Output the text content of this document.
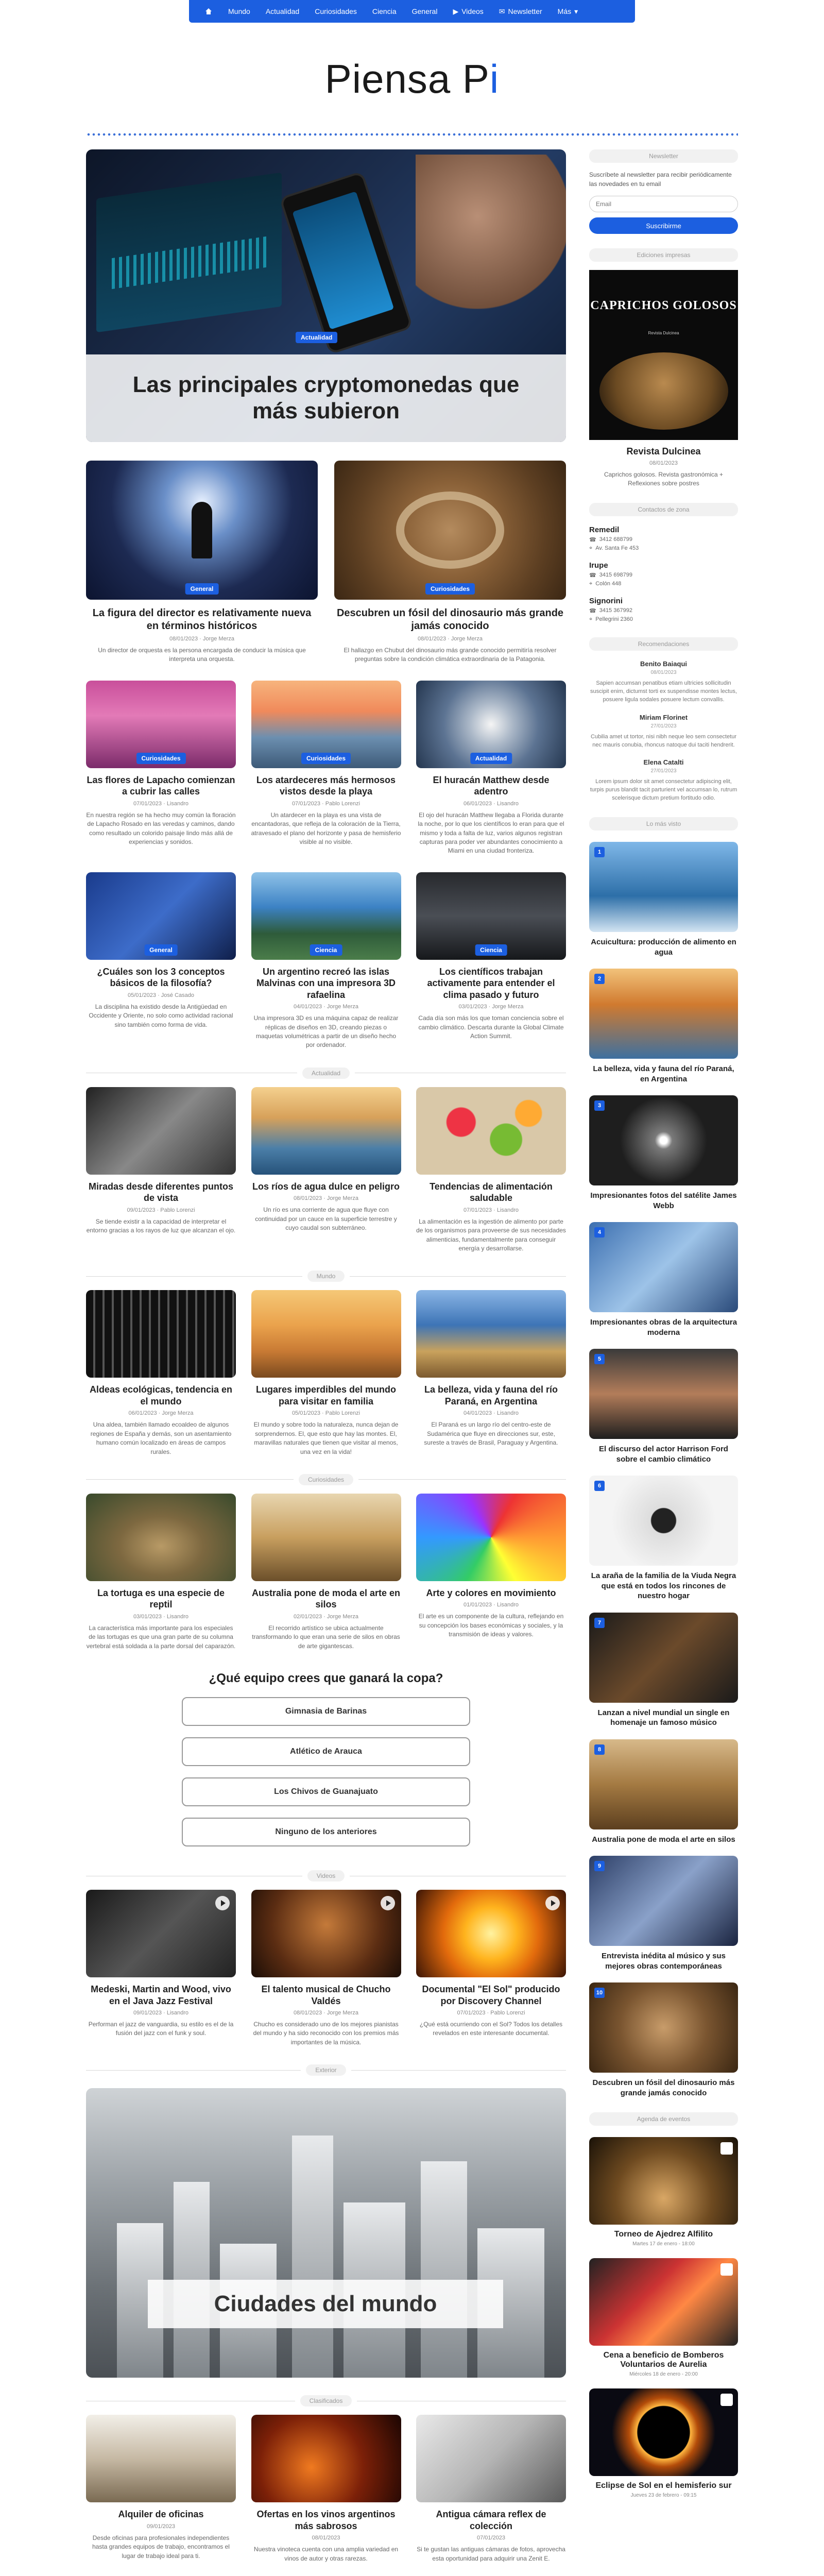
Mundo	Actualidad	Curiosidades	Ciencia	General	▶ Videos ✉ Newsletter Más ▾
Piensa Pi
Actualidad
Las principales cryptomonedas que más subieron
General
La figura del director es relativamente nueva en términos históricos
08/01/2023 · Jorge Merza

Un director de orquesta es la persona encargada de conducir la música que interpreta una orquesta.

Curiosidades
Descubren un fósil del dinosaurio más grande jamás conocido
08/01/2023 · Jorge Merza

El hallazgo en Chubut del dinosaurio más grande conocido permitiría resolver preguntas sobre la condición climática extraordinaria de la Patagonia.

Curiosidades
Las flores de Lapacho comienzan a cubrir las calles
07/01/2023 · Lisandro

En nuestra región se ha hecho muy común la floración de Lapacho Rosado en las veredas y caminos, dando como resultado un colorido paisaje lindo más allá de experiencias y sonidos.

Curiosidades
Los atardeceres más hermosos vistos desde la playa
07/01/2023 · Pablo Lorenzi

Un atardecer en la playa es una vista de encantadoras, que refleja de la coloración de la Tierra, atravesado el plano del horizonte y pasa de hemisferio visible al no visible.

Actualidad
El huracán Matthew desde adentro
06/01/2023 · Lisandro

El ojo del huracán Matthew llegaba a Florida durante la noche, por lo que los científicos lo eran para que el mismo y toda a falta de luz, varios algunos registran capturas para poder ver abundantes conocimiento a Miami en una ciudad fronteriza.

General
¿Cuáles son los 3 conceptos básicos de la filosofía?
05/01/2023 · José Casado

La disciplina ha existido desde la Antigüedad en Occidente y Oriente, no solo como actividad racional sino también como forma de vida.

Ciencia
Un argentino recreó las islas Malvinas con una impresora 3D rafaelina
04/01/2023 · Jorge Merza

Una impresora 3D es una máquina capaz de realizar réplicas de diseños en 3D, creando piezas o maquetas volumétricas a partir de un diseño hecho por ordenador.

Ciencia
Los científicos trabajan activamente para entender el clima pasado y futuro
03/01/2023 · Jorge Merza

Cada día son más los que toman conciencia sobre el cambio climático. Descarta durante la Global Climate Action Summit.

Actualidad
Miradas desde diferentes puntos de vista
09/01/2023 · Pablo Lorenzi

Se tiende existir a la capacidad de interpretar el entorno gracias a los rayos de luz que alcanzan el ojo.

Los ríos de agua dulce en peligro
08/01/2023 · Jorge Merza

Un río es una corriente de agua que fluye con continuidad por un cauce en la superficie terrestre y cuyo caudal son subterráneo.

Tendencias de alimentación saludable
07/01/2023 · Lisandro

La alimentación es la ingestión de alimento por parte de los organismos para proveerse de sus necesidades alimenticias, fundamentalmente para conseguir energía y desarrollarse.

Mundo
Aldeas ecológicas, tendencia en el mundo
06/01/2023 · Jorge Merza

Una aldea, también llamado ecoaldeo de algunos regiones de España y demás, son un asentamiento humano común localizado en áreas de campos rurales.

Lugares imperdibles del mundo para visitar en familia
05/01/2023 · Pablo Lorenzi

El mundo y sobre todo la naturaleza, nunca dejan de sorprendernos. El, que esto que hay las montes. El, maravillas naturales que tienen que visitar al menos, una vez en la vida!

La belleza, vida y fauna del río Paraná, en Argentina
04/01/2023 · Lisandro

El Paraná es un largo río del centro-este de Sudamérica que fluye en direcciones sur, este, sureste a través de Brasil, Paraguay y Argentina.

Curiosidades
La tortuga es una especie de reptil
03/01/2023 · Lisandro

La característica más importante para los especiales de las tortugas es que una gran parte de su columna vertebral está soldada a la parte dorsal del caparazón.

Australia pone de moda el arte en silos
02/01/2023 · Jorge Merza

El recorrido artístico se ubica actualmente transformando lo que eran una serie de silos en obras de arte gigantescas.

Arte y colores en movimiento
01/01/2023 · Lisandro

El arte es un componente de la cultura, reflejando en su concepción los bases económicas y sociales, y la transmisión de ideas y valores.

¿Qué equipo crees que ganará la copa?
Gimnasia de Barinas
Atlético de Arauca
Los Chivos de Guanajuato
Ninguno de los anteriores
Videos
Medeski, Martin and Wood, vivo en el Java Jazz Festival
09/01/2023 · Lisandro

Performan el jazz de vanguardia, su estilo es el de la fusión del jazz con el funk y soul.

El talento musical de Chucho Valdés
08/01/2023 · Jorge Merza

Chucho es considerado uno de los mejores pianistas del mundo y ha sido reconocido con los premios más importantes de la música.

Documental "El Sol" producido por Discovery Channel
07/01/2023 · Pablo Lorenzi

¿Qué está ocurriendo con el Sol? Todos los detalles revelados en este interesante documental.

Exterior
Ciudades del mundo
Clasificados
Alquiler de oficinas
09/01/2023

Desde oficinas para profesionales independientes hasta grandes equipos de trabajo, encontramos el lugar de trabajo ideal para ti.

Ofertas en los vinos argentinos más sabrosos
08/01/2023

Nuestra vinoteca cuenta con una amplia variedad en vinos de autor y otras rarezas.

Antigua cámara reflex de colección
07/01/2023

Si te gustan las antiguas cámaras de fotos, aprovecha esta oportunidad para adquirir una Zenit E.

Newsletter

Suscríbete al newsletter para recibir periódicamente las novedades en tu email

Email Suscribirme
Ediciones impresas
CAPRICHOS GOLOSOS
Revista Dulcinea
Revista Dulcinea
08/01/2023

Caprichos golosos. Revista gastronómica + Reflexiones sobre postres

Contactos de zona
Remedil
☎ 3412 688799
⌖ Av. Santa Fe 453
Irupe
☎ 3415 698799
⌖ Colón 448
Signorini
☎ 3415 367992
⌖ Pellegrini 2360
Recomendaciones
Benito Baiaqui
08/01/2023
Sapien accumsan penatibus etiam ultricies sollicitudin suscipit enim, dictumst torti ex suspendisse montes lectus, posuere ligula sodales posuere lectum convallis.
Miriam Florinet
27/01/2023
Cubilia amet ut tortor, nisi nibh neque leo sem consectetur nec mauris conubia, rhoncus natoque dui taciti hendrerit.
Elena Catalti
27/01/2023
Lorem ipsum dolor sit amet consectetur adipiscing elit, turpis purus blandit tacit parturient vel accumsan lo, rutrum scelerisque dictum pretium fortitudo odio.
Lo más visto
1
Acuicultura: producción de alimento en agua
2
La belleza, vida y fauna del río Paraná, en Argentina
3
Impresionantes fotos del satélite James Webb
4
Impresionantes obras de la arquitectura moderna
5
El discurso del actor Harrison Ford sobre el cambio climático
6
La araña de la familia de la Viuda Negra que está en todos los rincones de nuestro hogar
7
Lanzan a nivel mundial un single en homenaje un famoso músico
8
Australia pone de moda el arte en silos
9
Entrevista inédita al músico y sus mejores obras contemporáneas
10
Descubren un fósil del dinosaurio más grande jamás conocido
Agenda de eventos
Torneo de Ajedrez Alfilito
Martes 17 de enero - 18:00
Cena a beneficio de Bomberos Voluntarios de Aurelia
Miércoles 18 de enero - 20:00
Eclipse de Sol en el hemisferio sur
Jueves 23 de febrero - 09:15
